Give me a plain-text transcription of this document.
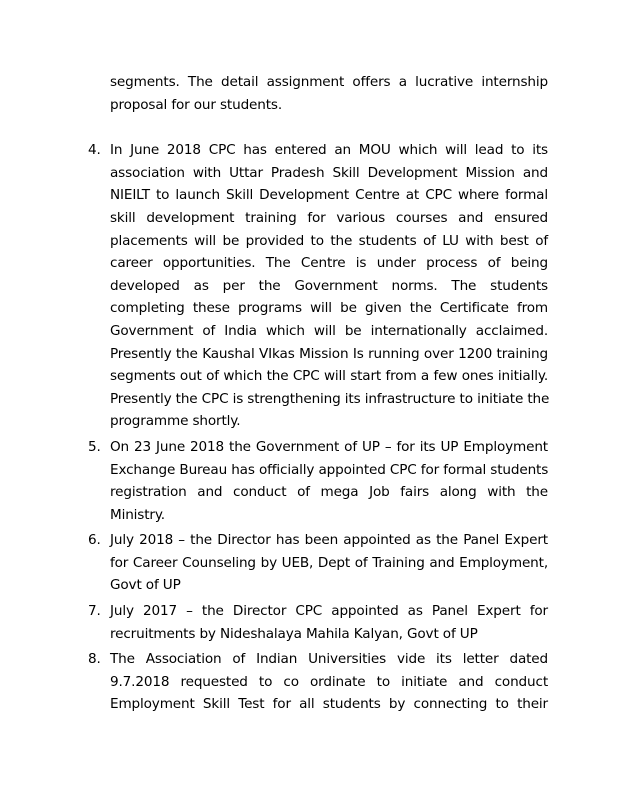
segments. The detail assignment offers a lucrative internship
proposal for our students.
4. In June 2018 CPC has entered an MOU which will lead to its
association with Uttar Pradesh Skill Development Mission and
NIEILT to launch Skill Development Centre at CPC where formal
skill development training for various courses and ensured
placements will be provided to the students of LU with best of
career opportunities. The Centre is under process of being
developed as per the Government norms. The students
completing these programs will be given the Certificate from
Government of India which will be internationally acclaimed.
Presently the Kaushal VIkas Mission Is running over 1200 training
segments out of which the CPC will start from a few ones initially.
Presently the CPC is strengthening its infrastructure to initiate the
programme shortly.
5. On 23 June 2018 the Government of UP – for its UP Employment
Exchange Bureau has officially appointed CPC for formal students
registration and conduct of mega Job fairs along with the
Ministry.
6. July 2018 – the Director has been appointed as the Panel Expert
for Career Counseling by UEB, Dept of Training and Employment,
Govt of UP
7. July 2017 – the Director CPC appointed as Panel Expert for
recruitments by Nideshalaya Mahila Kalyan, Govt of UP
8. The Association of Indian Universities vide its letter dated
9.7.2018 requested to co ordinate to initiate and conduct
Employment Skill Test for all students by connecting to their
